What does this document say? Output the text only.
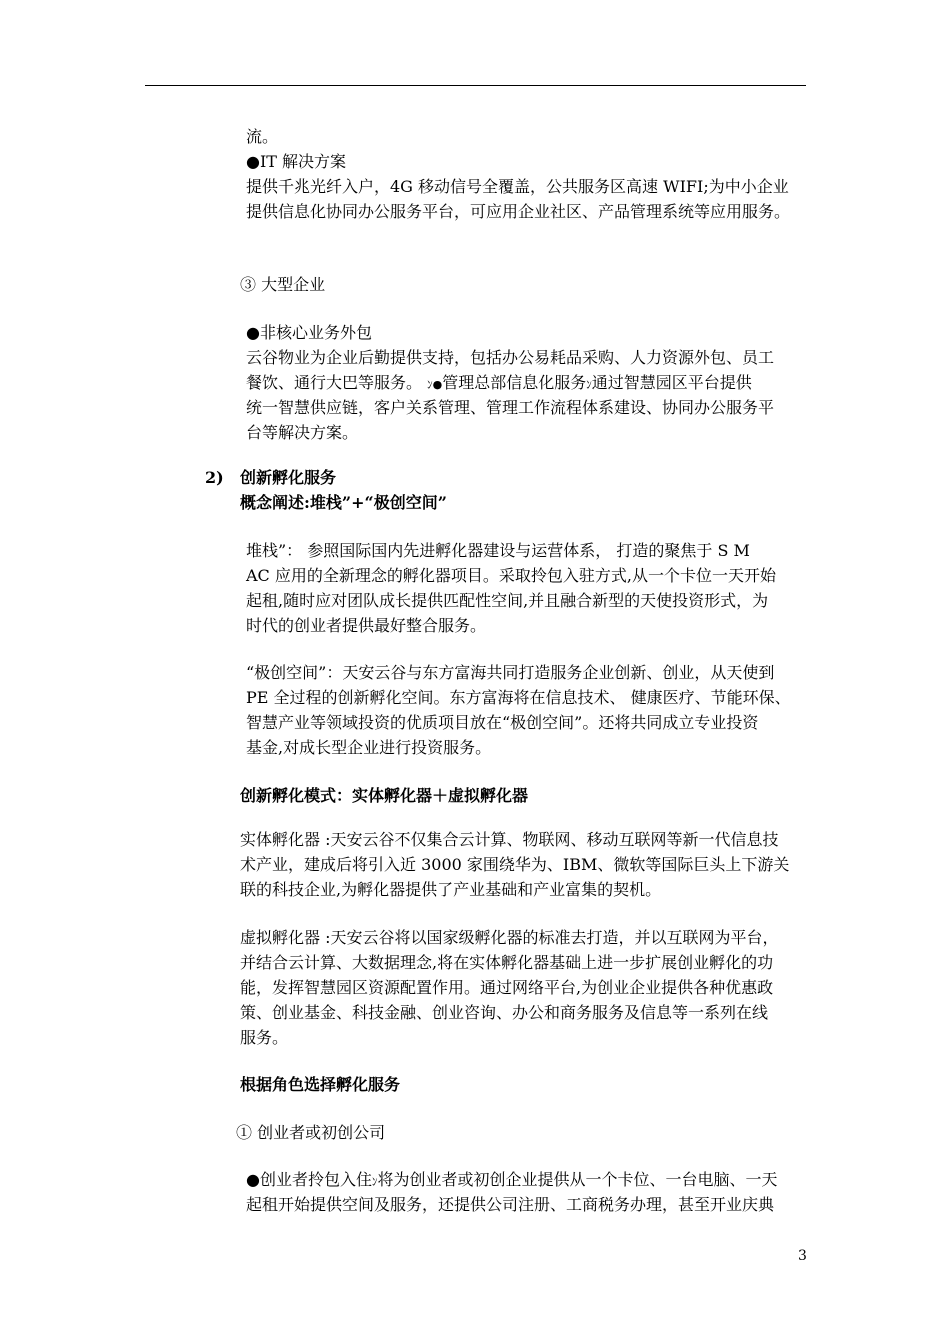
流。
●IT 解决方案
提供千兆光纤入户，4G 移动信号全覆盖，公共服务区高速 WIFI;为中小企业
提供信息化协同办公服务平台，可应用企业社区、产品管理系统等应用服务。
③ 大型企业
●非核心业务外包
云谷物业为企业后勤提供支持，包括办公易耗品采购、人力资源外包、员工
餐饮、通行大巴等服务。 ﾝ●管理总部信息化服务ﾝ通过智慧园区平台提供
统一智慧供应链，客户关系管理、管理工作流程体系建设、协同办公服务平
台等解决方案。
2) 创新孵化服务
概念阐述:堆栈”+“极创空间”
堆栈”： 参照国际国内先进孵化器建设与运营体系， 打造的聚焦于 S M
AC 应用的全新理念的孵化器项目。采取拎包入驻方式,从一个卡位一天开始
起租,随时应对团队成长提供匹配性空间,并且融合新型的天使投资形式，为
时代的创业者提供最好整合服务。
“极创空间”：天安云谷与东方富海共同打造服务企业创新、创业，从天使到
PE 全过程的创新孵化空间。东方富海将在信息技术、 健康医疗、节能环保、
智慧产业等领域投资的优质项目放在“极创空间”。还将共同成立专业投资
基金,对成长型企业进行投资服务。
创新孵化模式：实体孵化器＋虚拟孵化器
实体孵化器 :天安云谷不仅集合云计算、物联网、移动互联网等新一代信息技
术产业，建成后将引入近 3000 家围绕华为、IBM、微软等国际巨头上下游关
联的科技企业,为孵化器提供了产业基础和产业富集的契机。
虚拟孵化器 :天安云谷将以国家级孵化器的标准去打造，并以互联网为平台，
并结合云计算、大数据理念,将在实体孵化器基础上进一步扩展创业孵化的功
能，发挥智慧园区资源配置作用。通过网络平台,为创业企业提供各种优惠政
策、创业基金、科技金融、创业咨询、办公和商务服务及信息等一系列在线
服务。
根据角色选择孵化服务
① 创业者或初创公司
●创业者拎包入住ﾝ将为创业者或初创企业提供从一个卡位、一台电脑、一天
起租开始提供空间及服务，还提供公司注册、工商税务办理，甚至开业庆典
3
